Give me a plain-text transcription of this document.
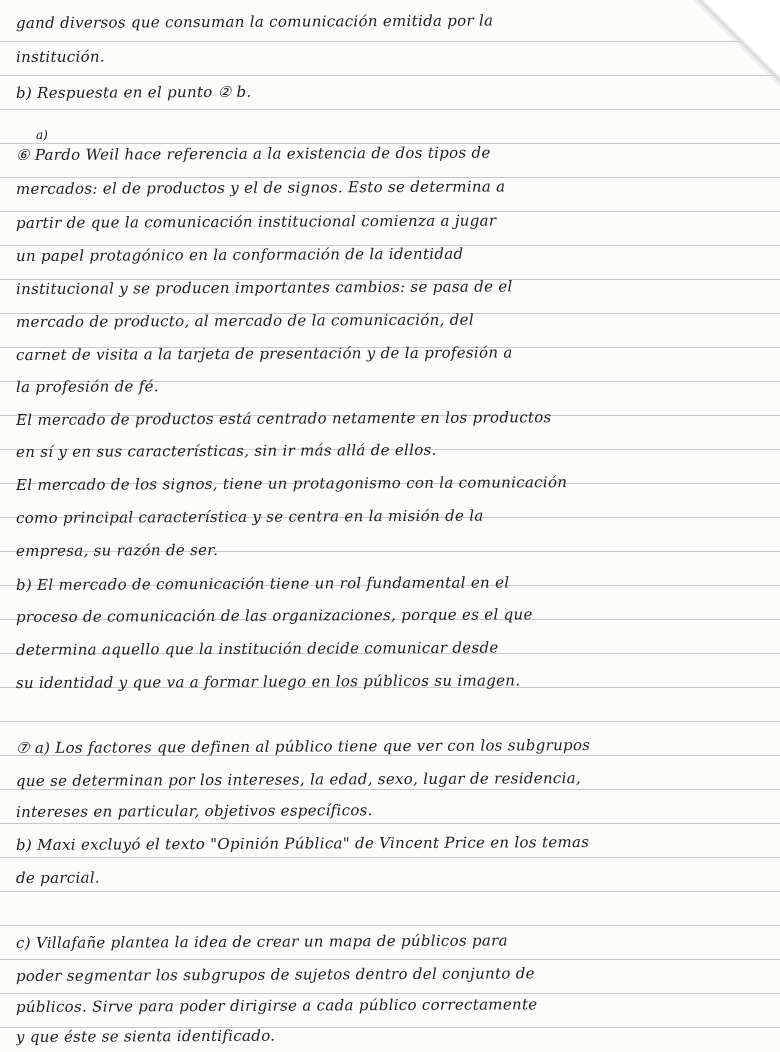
gand diversos que consuman la comunicación emitida por la
institución.
b) Respuesta en el punto ② b.
a)
⑥ Pardo Weil hace referencia a la existencia de dos tipos de
mercados: el de productos y el de signos. Esto se determina a
partir de que la comunicación institucional comienza a jugar
un papel protagónico en la conformación de la identidad
institucional y se producen importantes cambios: se pasa de el
mercado de producto, al mercado de la comunicación, del
carnet de visita a la tarjeta de presentación y de la profesión a
la profesión de fé.
El mercado de productos está centrado netamente en los productos
en sí y en sus características, sin ir más allá de ellos.
El mercado de los signos, tiene un protagonismo con la comunicación
como principal característica y se centra en la misión de la
empresa, su razón de ser.
b) El mercado de comunicación tiene un rol fundamental en el
proceso de comunicación de las organizaciones, porque es el que
determina aquello que la institución decide comunicar desde
su identidad y que va a formar luego en los públicos su imagen.
⑦ a) Los factores que definen al público tiene que ver con los subgrupos
que se determinan por los intereses, la edad, sexo, lugar de residencia,
intereses en particular, objetivos específicos.
b) Maxi excluyó el texto "Opinión Pública" de Vincent Price en los temas
de parcial.
c) Villafañe plantea la idea de crear un mapa de públicos para
poder segmentar los subgrupos de sujetos dentro del conjunto de
públicos. Sirve para poder dirigirse a cada público correctamente
y que éste se sienta identificado.
